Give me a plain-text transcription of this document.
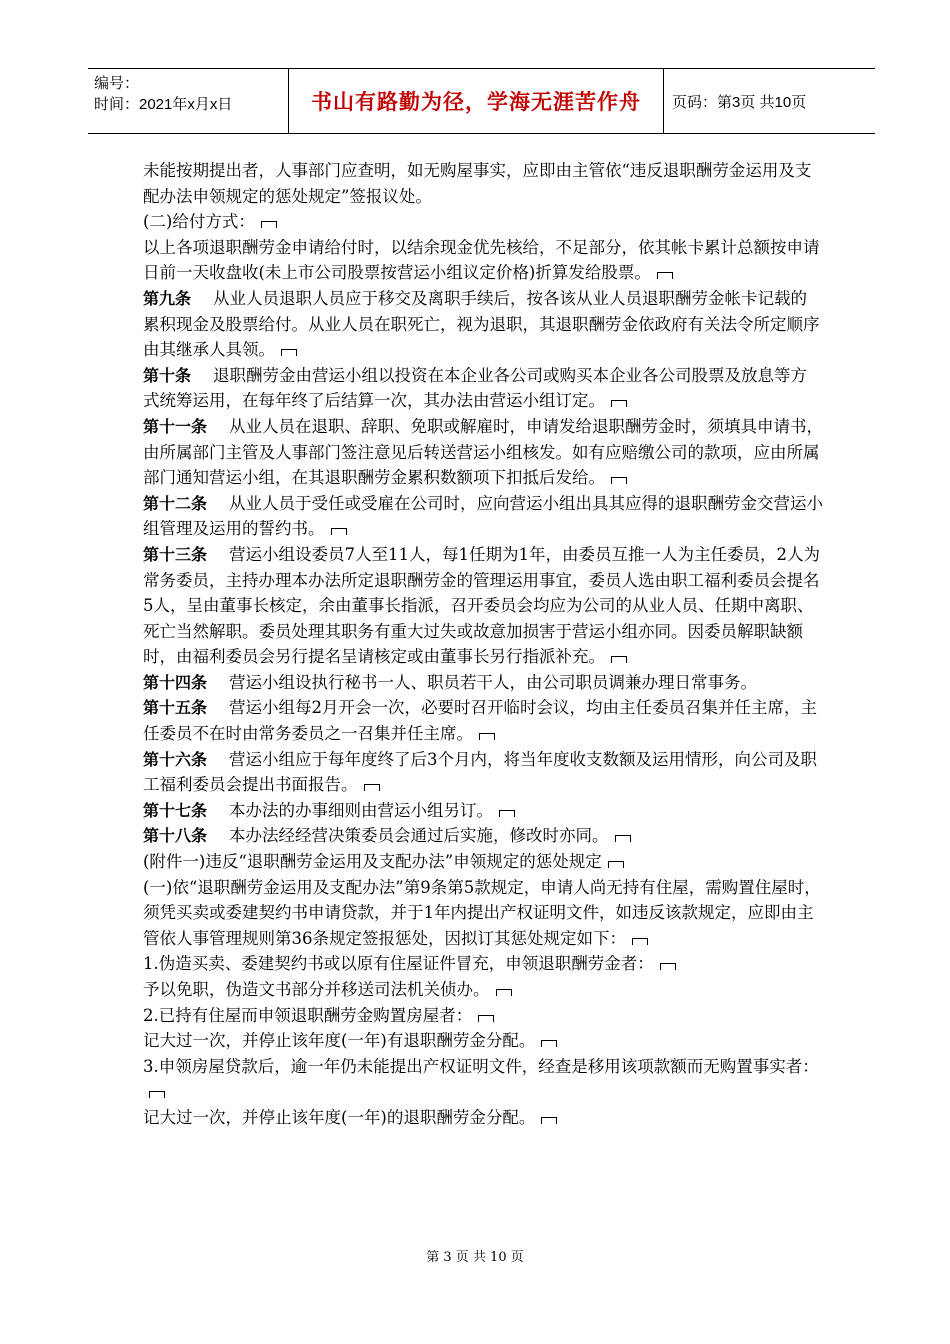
编号：
时间：2021年x月x日	书山有路勤为径，学海无涯苦作舟	页码：第3页 共10页

未能按期提出者，人事部门应查明，如无购屋事实，应即由主管依“违反退职酬劳金运用及支配办法申领规定的惩处规定”签报议处。

(二)给付方式：

以上各项退职酬劳金申请给付时，以结余现金优先核给，不足部分，依其帐卡累计总额按申请日前一天收盘收(未上市公司股票按营运小组议定价格)折算发给股票。

第九条 从业人员退职人员应于移交及离职手续后，按各该从业人员退职酬劳金帐卡记载的累积现金及股票给付。从业人员在职死亡，视为退职，其退职酬劳金依政府有关法令所定顺序由其继承人具领。

第十条 退职酬劳金由营运小组以投资在本企业各公司或购买本企业各公司股票及放息等方式统筹运用，在每年终了后结算一次，其办法由营运小组订定。

第十一条 从业人员在退职、辞职、免职或解雇时，申请发给退职酬劳金时，须填具申请书，由所属部门主管及人事部门签注意见后转送营运小组核发。如有应赔缴公司的款项，应由所属部门通知营运小组，在其退职酬劳金累积数额项下扣抵后发给。

第十二条 从业人员于受任或受雇在公司时，应向营运小组出具其应得的退职酬劳金交营运小组管理及运用的誓约书。

第十三条 营运小组设委员7人至11人，每1任期为1年，由委员互推一人为主任委员，2人为常务委员，主持办理本办法所定退职酬劳金的管理运用事宜，委员人选由职工福利委员会提名5人，呈由董事长核定，余由董事长指派，召开委员会均应为公司的从业人员、任期中离职、死亡当然解职。委员处理其职务有重大过失或故意加损害于营运小组亦同。因委员解职缺额时，由福利委员会另行提名呈请核定或由董事长另行指派补充。

第十四条 营运小组设执行秘书一人、职员若干人，由公司职员调兼办理日常事务。

第十五条 营运小组每2月开会一次，必要时召开临时会议，均由主任委员召集并任主席，主任委员不在时由常务委员之一召集并任主席。

第十六条 营运小组应于每年度终了后3个月内，将当年度收支数额及运用情形，向公司及职工福利委员会提出书面报告。

第十七条 本办法的办事细则由营运小组另订。

第十八条 本办法经经营决策委员会通过后实施，修改时亦同。

(附件一)违反“退职酬劳金运用及支配办法”申领规定的惩处规定

(一)依“退职酬劳金运用及支配办法”第9条第5款规定，申请人尚无持有住屋，需购置住屋时，须凭买卖或委建契约书申请贷款，并于1年内提出产权证明文件，如违反该款规定，应即由主管依人事管理规则第36条规定签报惩处，因拟订其惩处规定如下：

1.伪造买卖、委建契约书或以原有住屋证件冒充，申领退职酬劳金者：

予以免职，伪造文书部分并移送司法机关侦办。

2.已持有住屋而申领退职酬劳金购置房屋者：

记大过一次，并停止该年度(一年)有退职酬劳金分配。

3.申领房屋贷款后，逾一年仍未能提出产权证明文件，经查是移用该项款额而无购置事实者：

记大过一次，并停止该年度(一年)的退职酬劳金分配。

第 3 页 共 10 页
